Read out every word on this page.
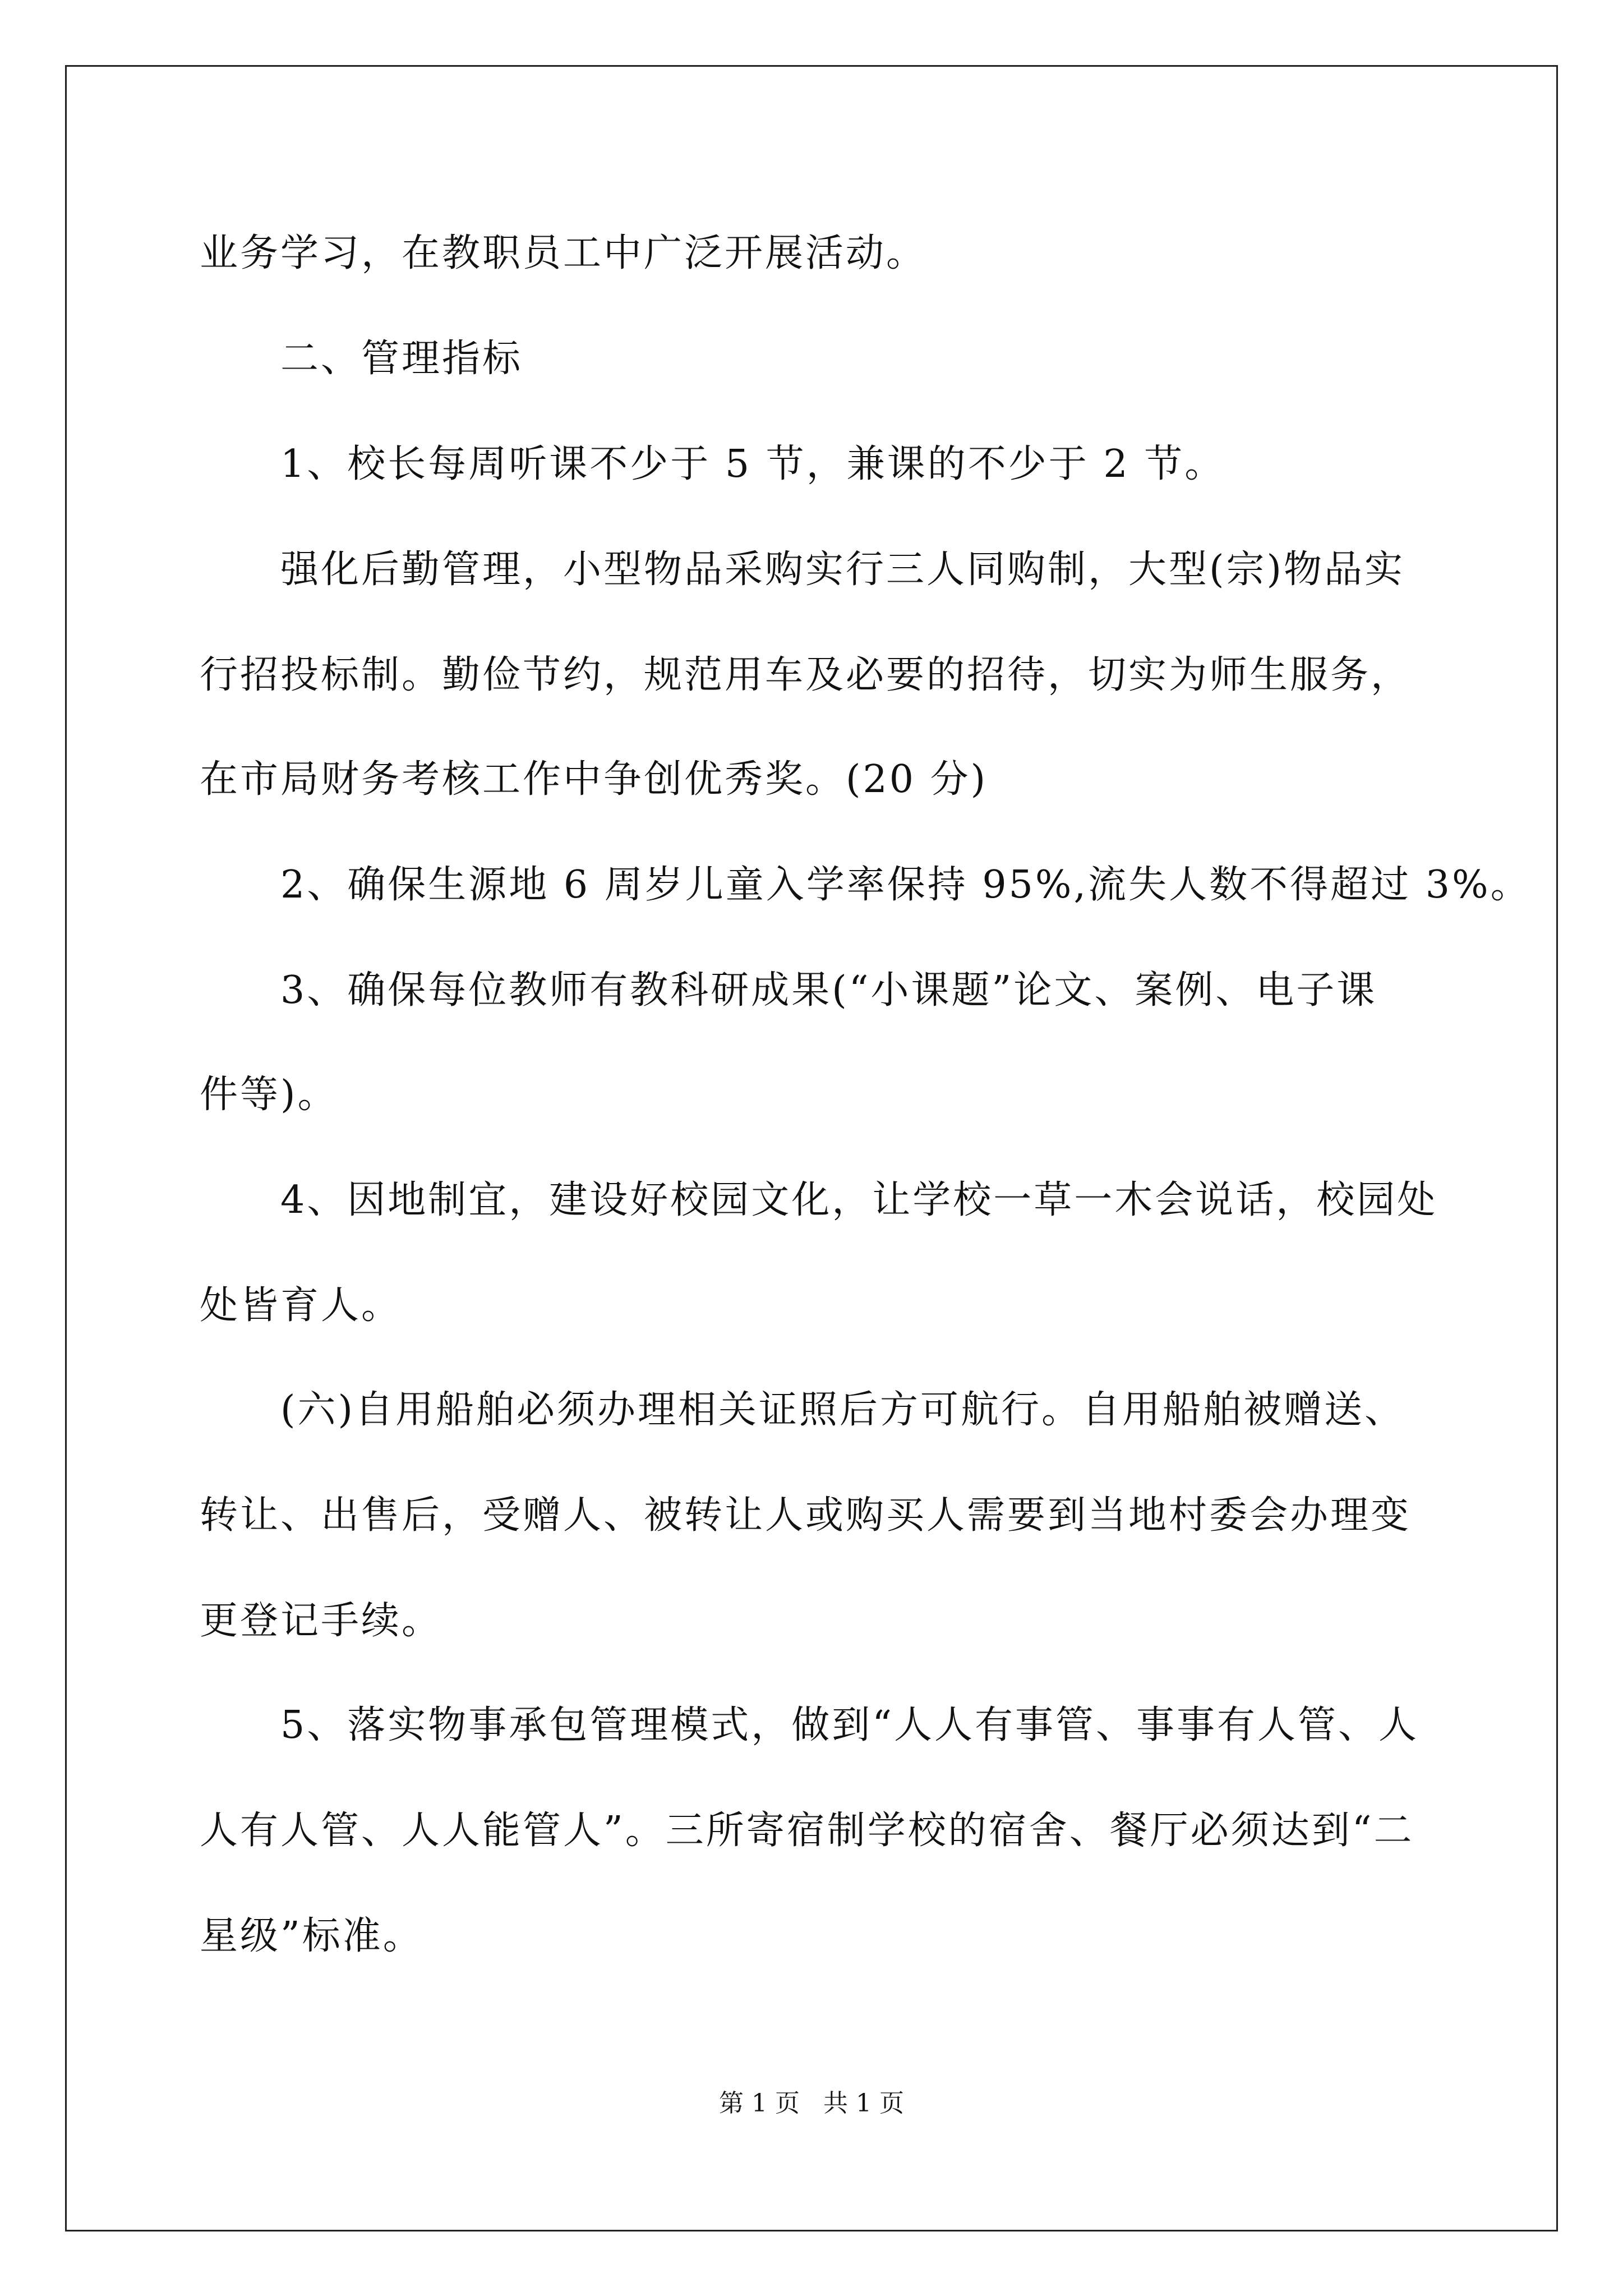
业务学习，在教职员工中广泛开展活动。
二、管理指标
1、校长每周听课不少于 5 节，兼课的不少于 2 节。
强化后勤管理，小型物品采购实行三人同购制，大型(宗)物品实
行招投标制。勤俭节约，规范用车及必要的招待，切实为师生服务，
在市局财务考核工作中争创优秀奖。(20 分)
2、确保生源地 6 周岁儿童入学率保持 95%,流失人数不得超过 3%。
3、确保每位教师有教科研成果(“小课题”论文、案例、电子课
件等)。
4、因地制宜，建设好校园文化，让学校一草一木会说话，校园处
处皆育人。
(六)自用船舶必须办理相关证照后方可航行。自用船舶被赠送、
转让、出售后，受赠人、被转让人或购买人需要到当地村委会办理变
更登记手续。
5、落实物事承包管理模式，做到“人人有事管、事事有人管、人
人有人管、人人能管人”。三所寄宿制学校的宿舍、餐厅必须达到“二
星级”标准。
第 1 页   共 1 页
